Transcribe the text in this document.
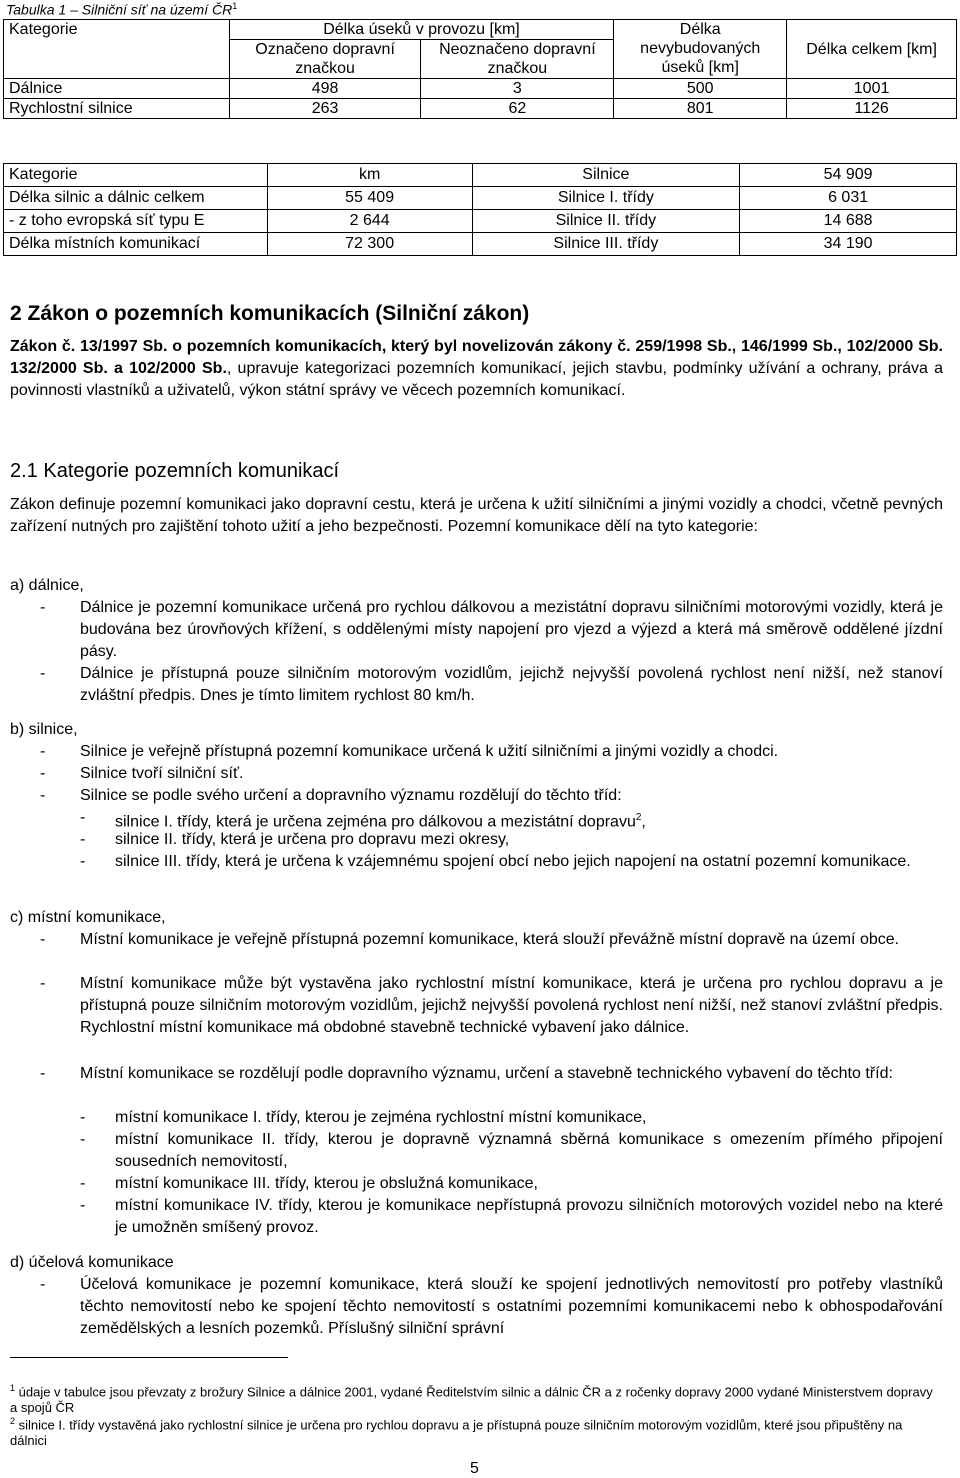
Tabulka 1 – Silniční síť na území $ČR^1$
Kategorie	Délka úseků v provozu [km]		Délka nevybudovaných úseků [km]	Délka celkem [km]
	Označeno dopravní značkou	Neoznačeno dopravní značkou		
Dálnice	498	3	500	1001
Rychlostní silnice	263	62	801	1126
Kategorie	km	Silnice	54 909
Délka silnic a dálnic celkem	55 409	Silnice I. třídy	6 031
- z toho evropská síť typu E	2 644	Silnice II. třídy	14 688
Délka místních komunikací	72 300	Silnice III. třídy	34 190
2 Zákon o pozemních komunikacích (Silniční zákon)

Zákon č. 13/1997 Sb. o pozemních komunikacích, který byl novelizován zákony č. 259/1998 Sb., 146/1999 Sb., 102/2000 Sb. 132/2000 Sb. a 102/2000 Sb., upravuje kategorizaci pozemních komunikací, jejich stavbu, podmínky užívání a ochrany, práva a povinnosti vlastníků a uživatelů, výkon státní správy ve věcech pozemních komunikací.

2.1 Kategorie pozemních komunikací
Zákon definuje pozemní komunikaci jako dopravní cestu, která je určena k užití silničními a jinými vozidly a chodci, včetně pevných zařízení nutných pro zajištění tohoto užití a jeho bezpečnosti. Pozemní komunikace dělí na tyto kategorie:
a) dálnice,
- Dálnice je pozemní komunikace určená pro rychlou dálkovou a mezistátní dopravu silničními motorovými vozidly, která je budována bez úrovňových křížení, s oddělenými místy napojení pro vjezd a výjezd a která má směrově oddělené jízdní pásy.
- Dálnice je přístupná pouze silničním motorovým vozidlům, jejichž nejvyšší povolená rychlost není nižší, než stanoví zvláštní předpis. Dnes je tímto limitem rychlost 80 km/h.
b) silnice,
- Silnice je veřejně přístupná pozemní komunikace určená k užití silničními a jinými vozidly a chodci.
- Silnice tvoří silniční síť.
- Silnice se podle svého určení a dopravního významu rozdělují do těchto tříd:
- silnice I. třídy, která je určena zejména pro dálkovou a mezistátní dopravu$^2$,
- silnice II. třídy, která je určena pro dopravu mezi okresy,
- silnice III. třídy, která je určena k vzájemnému spojení obcí nebo jejich napojení na ostatní pozemní komunikace.
c) místní komunikace,
- Místní komunikace je veřejně přístupná pozemní komunikace, která slouží převážně místní dopravě na území obce.
- Místní komunikace může být vystavěna jako rychlostní místní komunikace, která je určena pro rychlou dopravu a je přístupná pouze silničním motorovým vozidlům, jejichž nejvyšší povolená rychlost není nižší, než stanoví zvláštní předpis. Rychlostní místní komunikace má obdobné stavebně technické vybavení jako dálnice.
- Místní komunikace se rozdělují podle dopravního významu, určení a stavebně technického vybavení do těchto tříd:
- místní komunikace I. třídy, kterou je zejména rychlostní místní komunikace,
- místní komunikace II. třídy, kterou je dopravně významná sběrná komunikace s omezením přímého připojení sousedních nemovitostí,
- místní komunikace III. třídy, kterou je obslužná komunikace,
- místní komunikace IV. třídy, kterou je komunikace nepřístupná provozu silničních motorových vozidel nebo na které je umožněn smíšený provoz.
d) účelová komunikace
- Účelová komunikace je pozemní komunikace, která slouží ke spojení jednotlivých nemovitostí pro potřeby vlastníků těchto nemovitostí nebo ke spojení těchto nemovitostí s ostatními pozemními komunikacemi nebo k obhospodařování zemědělských a lesních pozemků. Příslušný silniční správní
$^1$ údaje v tabulce jsou převzaty z brožury Silnice a dálnice 2001, vydané Ředitelstvím silnic a dálnic ČR a z ročenky dopravy 2000 vydané Ministerstvem dopravy a spojů ČR
$^2$ silnice I. třídy vystavěná jako rychlostní silnice je určena pro rychlou dopravu a je přístupná pouze silničním motorovým vozidlům, které jsou připuštěny na dálnici
5
